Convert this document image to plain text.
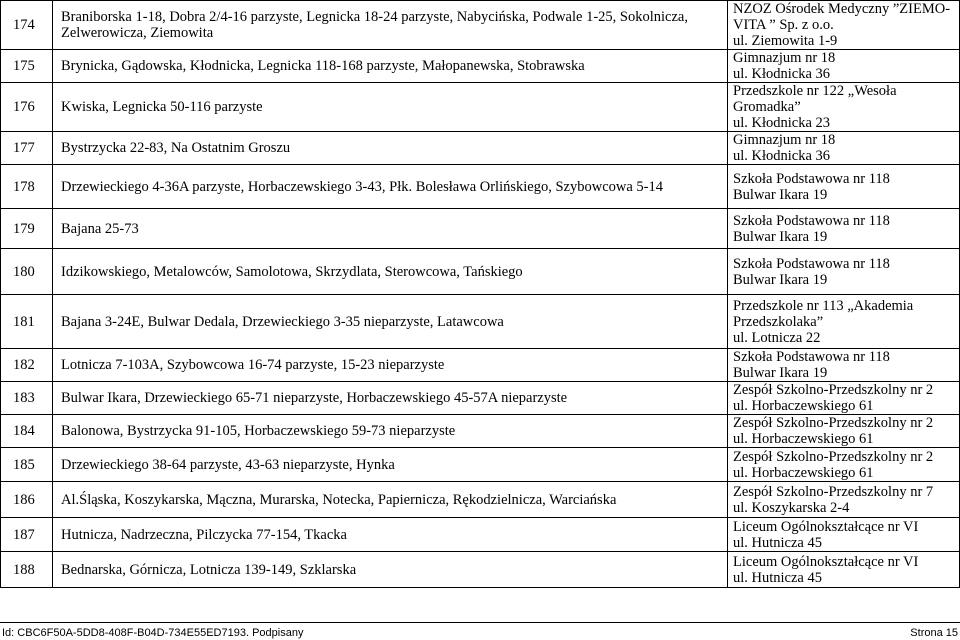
174	Braniborska 1-18, Dobra 2/4-16 parzyste, Legnicka 18-24 parzyste, Nabycińska, Podwale 1-25, Sokolnicza, Zelwerowicza, Ziemowita	NZOZ Ośrodek Medyczny ”ZIEMO-
VITA ” Sp. z o.o.
ul. Ziemowita 1-9

175	Brynicka, Gądowska, Kłodnicka, Legnicka 118-168 parzyste, Małopanewska, Stobrawska	Gimnazjum nr 18
ul. Kłodnicka 36

176	Kwiska, Legnicka 50-116 parzyste	Przedszkole nr 122 „Wesoła
Gromadka”
ul. Kłodnicka 23

177	Bystrzycka 22-83, Na Ostatnim Groszu	Gimnazjum nr 18
ul. Kłodnicka 36

178	Drzewieckiego 4-36A parzyste, Horbaczewskiego 3-43, Płk. Bolesława Orlińskiego, Szybowcowa 5-14	Szkoła Podstawowa nr 118
Bulwar Ikara 19

179	Bajana 25-73	Szkoła Podstawowa nr 118
Bulwar Ikara 19

180	Idzikowskiego, Metalowców, Samolotowa, Skrzydlata, Sterowcowa, Tańskiego	Szkoła Podstawowa nr 118
Bulwar Ikara 19

181	Bajana 3-24E, Bulwar Dedala, Drzewieckiego 3-35 nieparzyste, Latawcowa	Przedszkole nr 113 „Akademia
Przedszkolaka”
ul. Lotnicza 22

182	Lotnicza 7-103A, Szybowcowa 16-74 parzyste, 15-23 nieparzyste	Szkoła Podstawowa nr 118
Bulwar Ikara 19

183	Bulwar Ikara, Drzewieckiego 65-71 nieparzyste, Horbaczewskiego 45-57A nieparzyste	Zespół Szkolno-Przedszkolny nr 2
ul. Horbaczewskiego 61

184	Balonowa, Bystrzycka 91-105, Horbaczewskiego 59-73 nieparzyste	Zespół Szkolno-Przedszkolny nr 2
ul. Horbaczewskiego 61

185	Drzewieckiego 38-64 parzyste, 43-63 nieparzyste, Hynka	Zespół Szkolno-Przedszkolny nr 2
ul. Horbaczewskiego 61

186	Al.Śląska, Koszykarska, Mączna, Murarska, Notecka, Papiernicza, Rękodzielnicza, Warciańska	Zespół Szkolno-Przedszkolny nr 7
ul. Koszykarska 2-4

187	Hutnicza, Nadrzeczna, Pilczycka 77-154, Tkacka	Liceum Ogólnokształcące nr VI
ul. Hutnicza 45

188	Bednarska, Górnicza, Lotnicza 139-149, Szklarska	Liceum Ogólnokształcące nr VI
ul. Hutnicza 45
Id: CBC6F50A-5DD8-408F-B04D-734E55ED7193. Podpisany	Strona 15
